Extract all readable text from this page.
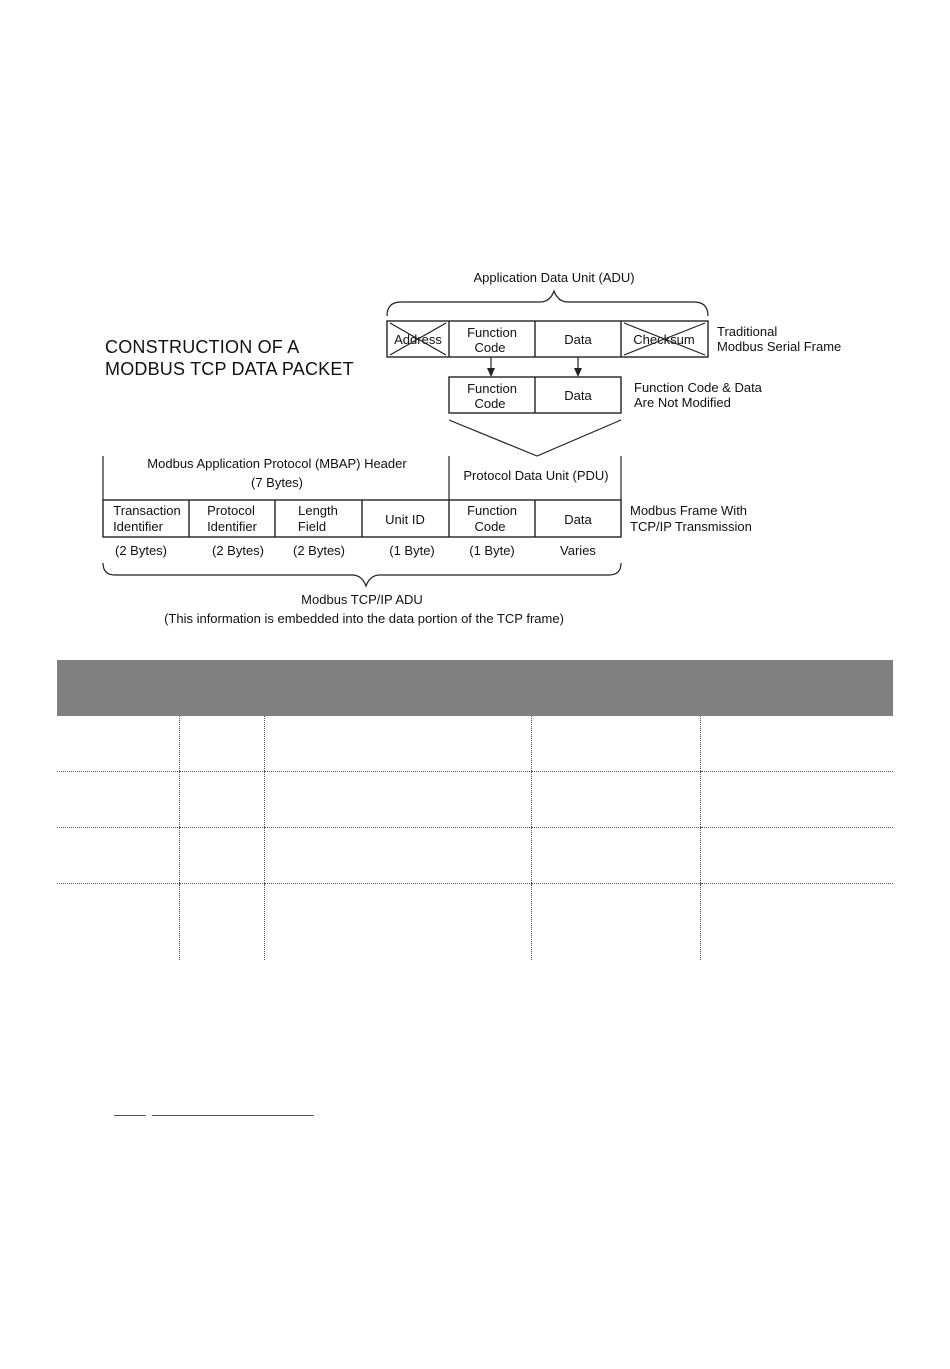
CONSTRUCTION OF A
MODBUS TCP DATA PACKET
Application Data Unit (ADU)
Address Function
Code
Data	Checksum
Traditional
Modbus Serial Frame
Function
Code
Data
Function Code & Data
Are Not Modified
Modbus Application Protocol (MBAP) Header
(7 Bytes)	Protocol Data Unit (PDU)
Transaction
Identifier
Protocol
Identifier
Length
Field	Unit ID
Function
Code	Data
Modbus Frame With
TCP/IP Transmission
(2 Bytes)	(2 Bytes) (2 Bytes)	(1 Byte)	(1 Byte)	Varies
Modbus TCP/IP ADU
(This information is embedded into the data portion of the TCP frame)
